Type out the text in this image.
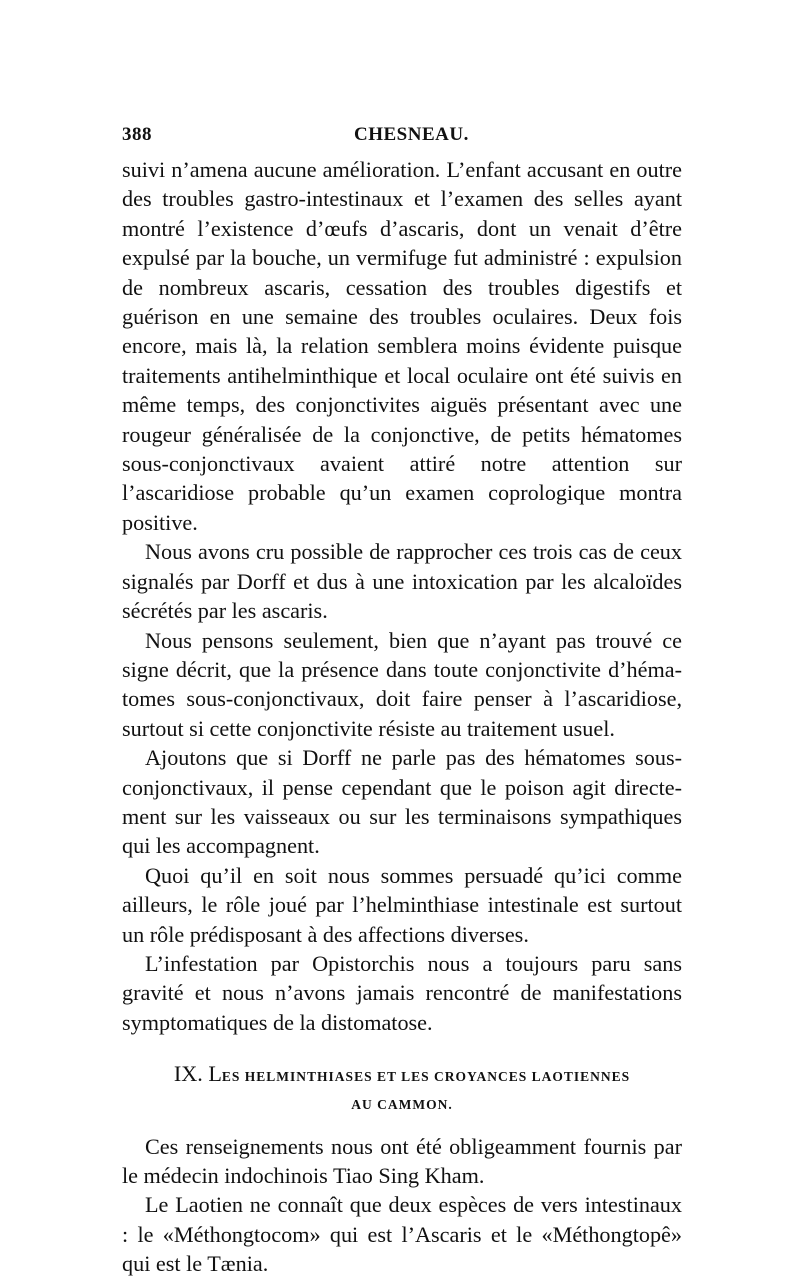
388	CHESNEAU.

suivi n’amena aucune amélioration. L’enfant accusant en outre des troubles gastro-intestinaux et l’examen des selles ayant montré l’existence d’œufs d’ascaris, dont un venait d’être expulsé par la bouche, un vermifuge fut administré : expulsion de nombreux ascaris, cessation des troubles digestifs et guérison en une semaine des troubles oculaires. Deux fois encore, mais là, la relation semblera moins évidente puisque traitements antihelminthique et local oculaire ont été suivis en même temps, des conjonctivites aiguës présentant avec une rougeur généralisée de la conjonctive, de petits hématomes sous-conjonctivaux avaient attiré notre attention sur l’ascaridiose probable qu’un examen coprologique montra positive.

Nous avons cru possible de rapprocher ces trois cas de ceux signalés par Dorff et dus à une intoxication par les alcaloïdes sécrétés par les ascaris.

Nous pensons seulement, bien que n’ayant pas trouvé ce signe décrit, que la présence dans toute conjonctivite d’hématomes sous-conjonctivaux, doit faire penser à l’ascaridiose, surtout si cette conjonctivite résiste au traitement usuel.

Ajoutons que si Dorff ne parle pas des hématomes sous-conjonctivaux, il pense cependant que le poison agit directement sur les vaisseaux ou sur les terminaisons sympathiques qui les accompagnent.

Quoi qu’il en soit nous sommes persuadé qu’ici comme ailleurs, le rôle joué par l’helminthiase intestinale est surtout un rôle prédisposant à des affections diverses.

L’infestation par Opistorchis nous a toujours paru sans gravité et nous n’avons jamais rencontré de manifestations symptomatiques de la distomatose.

IX. LES HELMINTHIASES ET LES CROYANCES LAOTIENNES
AU CAMMON.

Ces renseignements nous ont été obligeamment fournis par le médecin indochinois Tiao Sing Kham.

Le Laotien ne connaît que deux espèces de vers intestinaux : le «Méthongtocom» qui est l’Ascaris et le «Méthongtopê» qui est le Tænia.
